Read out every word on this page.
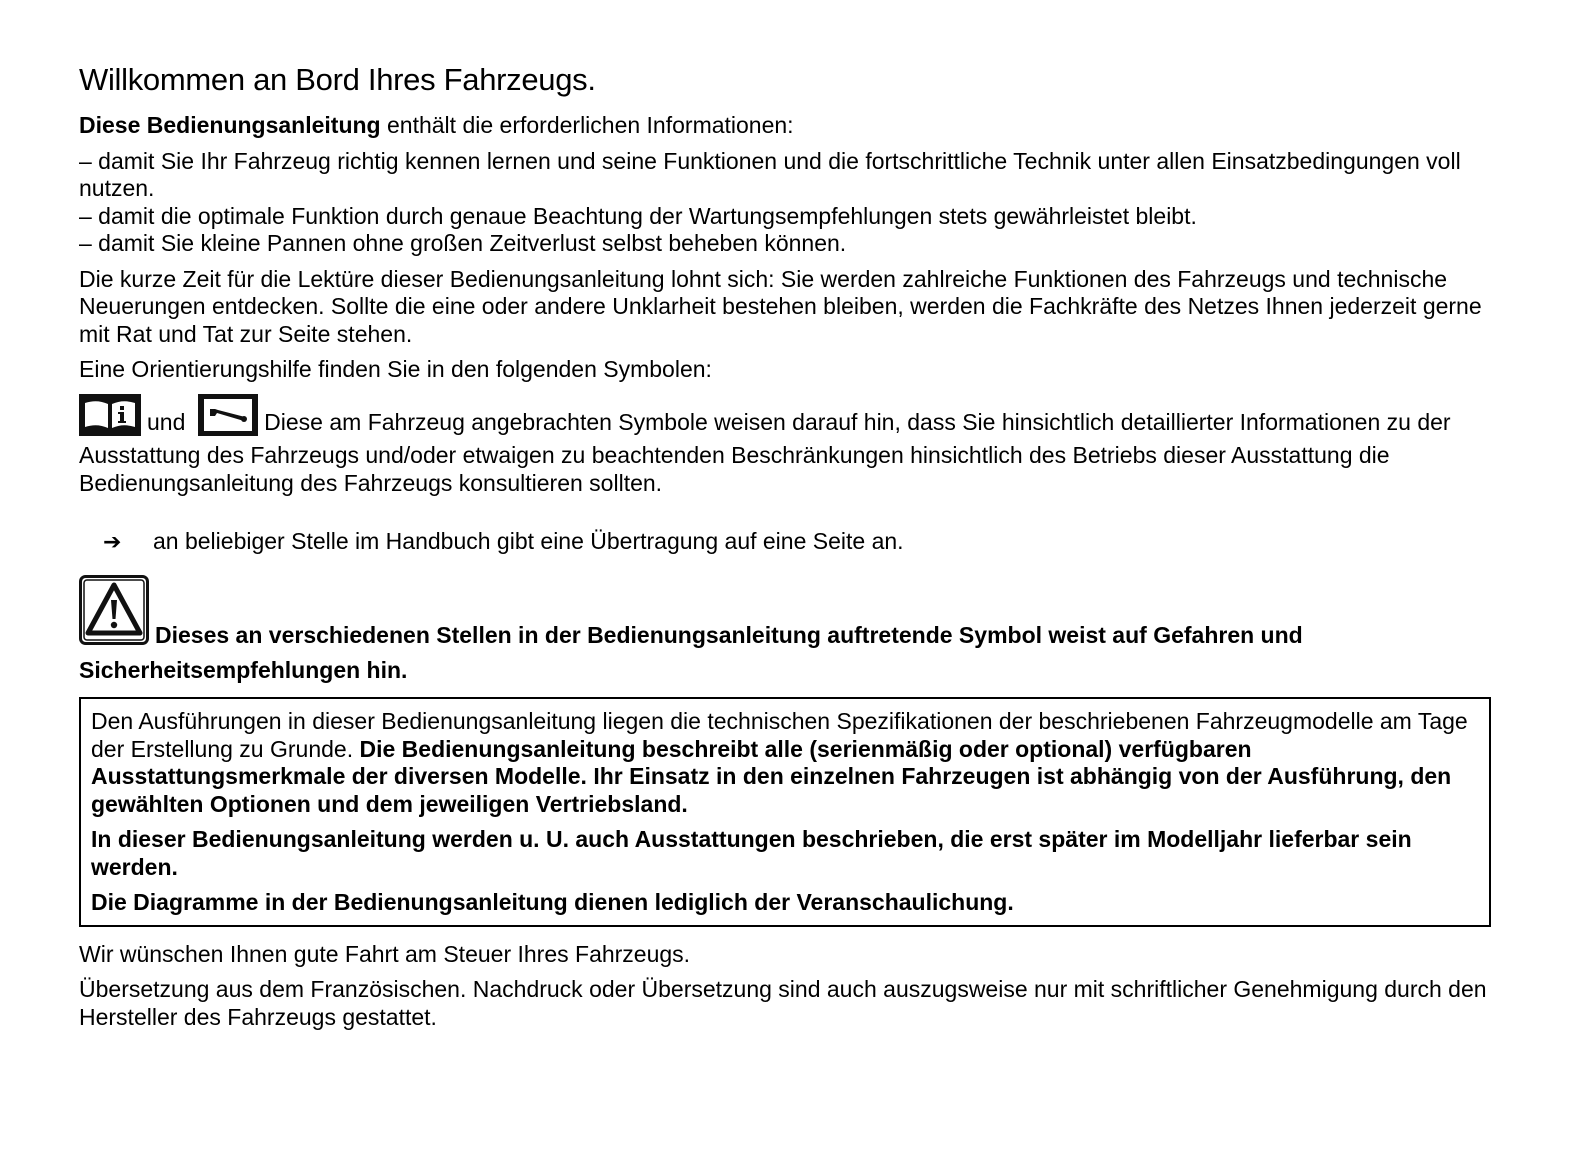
Willkommen an Bord Ihres Fahrzeugs.

Diese Bedienungsanleitung enthält die erforderlichen Informationen:

– damit Sie Ihr Fahrzeug richtig kennen lernen und seine Funktionen und die fortschrittliche Technik unter allen Einsatzbedingungen voll nutzen.
– damit die optimale Funktion durch genaue Beachtung der Wartungsempfehlungen stets gewährleistet bleibt.
– damit Sie kleine Pannen ohne großen Zeitverlust selbst beheben können.

Die kurze Zeit für die Lektüre dieser Bedienungsanleitung lohnt sich: Sie werden zahlreiche Funktionen des Fahrzeugs und technische Neuerungen entdecken. Sollte die eine oder andere Unklarheit bestehen bleiben, werden die Fachkräfte des Netzes Ihnen jederzeit gerne mit Rat und Tat zur Seite stehen.

Eine Orientierungshilfe finden Sie in den folgenden Symbolen:

und	Diese am Fahrzeug angebrachten Symbole weisen darauf hin, dass Sie hinsichtlich detaillierter Informationen zu der Ausstattung des Fahrzeugs und/oder etwaigen zu beachtenden Beschränkungen hinsichtlich des Betriebs dieser Ausstattung die Bedienungsanleitung des Fahrzeugs konsultieren sollten.
➔ an beliebiger Stelle im Handbuch gibt eine Übertragung auf eine Seite an.
Dieses an verschiedenen Stellen in der Bedienungsanleitung auftretende Symbol weist auf Gefahren und Sicherheitsempfehlungen hin.

Den Ausführungen in dieser Bedienungsanleitung liegen die technischen Spezifikationen der beschriebenen Fahrzeugmodelle am Tage der Erstellung zu Grunde. Die Bedienungsanleitung beschreibt alle (serienmäßig oder optional) verfügbaren Ausstattungsmerkmale der diversen Modelle. Ihr Einsatz in den einzelnen Fahrzeugen ist abhängig von der Ausführung, den gewählten Optionen und dem jeweiligen Vertriebsland.

In dieser Bedienungsanleitung werden u. U. auch Ausstattungen beschrieben, die erst später im Modelljahr lieferbar sein werden.

Die Diagramme in der Bedienungsanleitung dienen lediglich der Veranschaulichung.

Wir wünschen Ihnen gute Fahrt am Steuer Ihres Fahrzeugs.

Übersetzung aus dem Französischen. Nachdruck oder Übersetzung sind auch auszugsweise nur mit schriftlicher Genehmigung durch den Hersteller des Fahrzeugs gestattet.
